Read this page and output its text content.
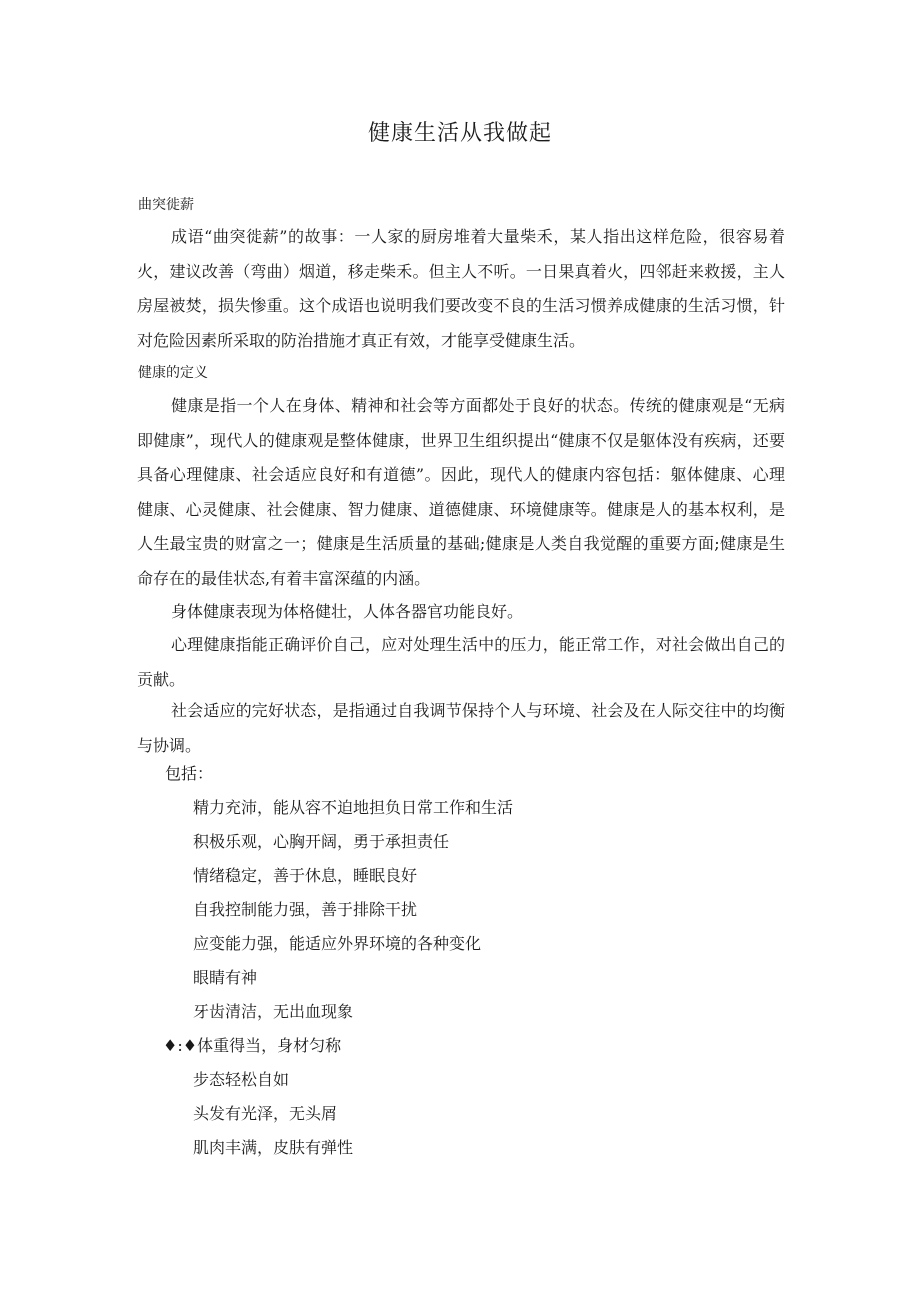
健康生活从我做起
曲突徙薪

成语“曲突徙薪”的故事：一人家的厨房堆着大量柴禾，某人指出这样危险，很容易着火，建议改善（弯曲）烟道，移走柴禾。但主人不听。一日果真着火，四邻赶来救援，主人房屋被焚，损失惨重。这个成语也说明我们要改变不良的生活习惯养成健康的生活习惯，针对危险因素所采取的防治措施才真正有效，才能享受健康生活。

健康的定义

健康是指一个人在身体、精神和社会等方面都处于良好的状态。传统的健康观是“无病即健康”，现代人的健康观是整体健康，世界卫生组织提出“健康不仅是躯体没有疾病，还要具备心理健康、社会适应良好和有道德”。因此，现代人的健康内容包括：躯体健康、心理健康、心灵健康、社会健康、智力健康、道德健康、环境健康等。健康是人的基本权利，是人生最宝贵的财富之一；健康是生活质量的基础;健康是人类自我觉醒的重要方面;健康是生命存在的最佳状态,有着丰富深蕴的内涵。

身体健康表现为体格健壮，人体各器官功能良好。

心理健康指能正确评价自己，应对处理生活中的压力，能正常工作，对社会做出自己的贡献。

社会适应的完好状态，是指通过自我调节保持个人与环境、社会及在人际交往中的均衡与协调。

包括：
精力充沛，能从容不迫地担负日常工作和生活
积极乐观，心胸开阔，勇于承担责任
情绪稳定，善于休息，睡眠良好
自我控制能力强，善于排除干扰
应变能力强，能适应外界环境的各种变化
眼睛有神
牙齿清洁，无出血现象
♦:♦体重得当，身材匀称
步态轻松自如
头发有光泽，无头屑
肌肉丰满，皮肤有弹性
